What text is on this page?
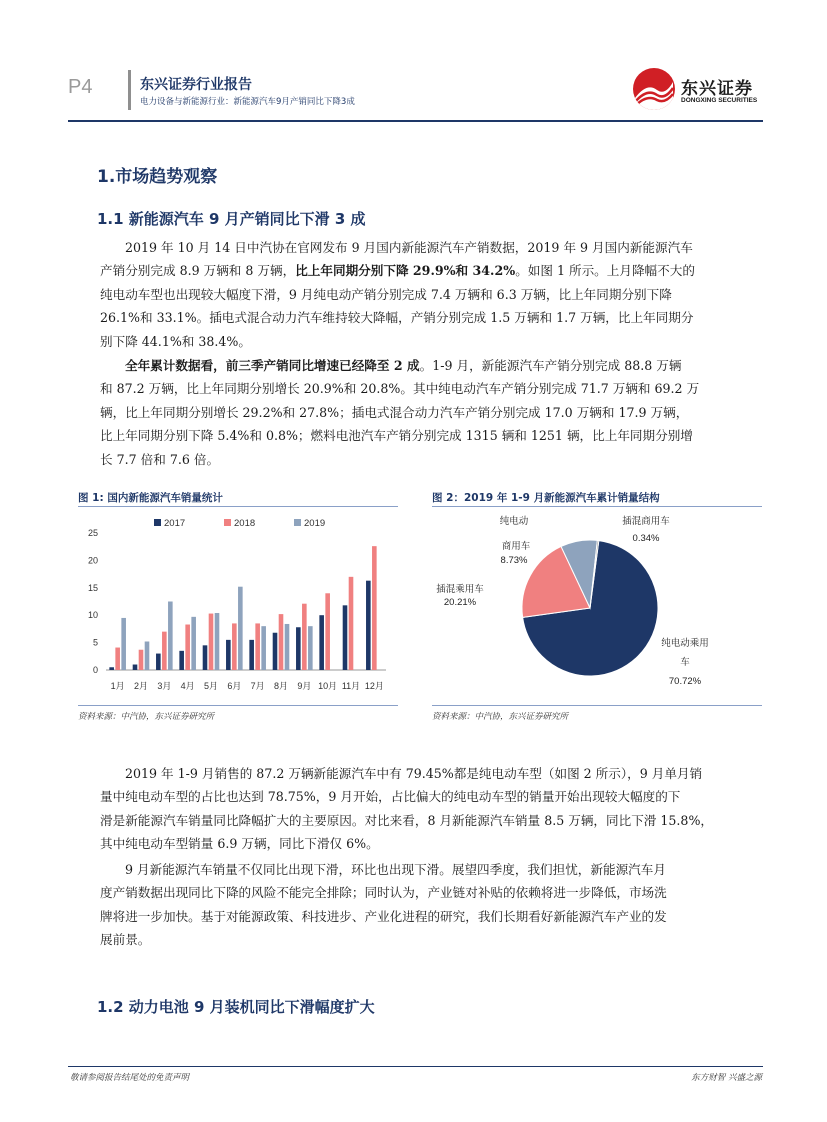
P4	东兴证券行业报告
电力设备与新能源行业：新能源汽车9月产销同比下降3成
东兴证券
DONGXING SECURITIES
1.市场趋势观察
1.1 新能源汽车 9 月产销同比下滑 3 成
2019 年 10 月 14 日中汽协在官网发布 9 月国内新能源汽车产销数据，2019 年 9 月国内新能源汽车
产销分别完成 8.9 万辆和 8 万辆，比上年同期分别下降 29.9%和 34.2%。如图 1 所示。上月降幅不大的
纯电动车型也出现较大幅度下滑，9 月纯电动产销分别完成 7.4 万辆和 6.3 万辆，比上年同期分别下降
26.1%和 33.1%。插电式混合动力汽车维持较大降幅，产销分别完成 1.5 万辆和 1.7 万辆，比上年同期分
别下降 44.1%和 38.4%。
全年累计数据看，前三季产销同比增速已经降至 2 成。1-9 月，新能源汽车产销分别完成 88.8 万辆
和 87.2 万辆，比上年同期分别增长 20.9%和 20.8%。其中纯电动汽车产销分别完成 71.7 万辆和 69.2 万
辆，比上年同期分别增长 29.2%和 27.8%；插电式混合动力汽车产销分别完成 17.0 万辆和 17.9 万辆，
比上年同期分别下降 5.4%和 0.8%；燃料电池汽车产销分别完成 1315 辆和 1251 辆，比上年同期分别增
长 7.7 倍和 7.6 倍。
图 1: 国内新能源汽车销量统计
0
5
10
15
20
25
1月 2月 3月 4月 5月 6月 7月 8月 9月 10月 11月 12月
2017	2018	2019
资料来源：中汽协，东兴证券研究所
图 2：2019 年 1-9 月新能源汽车累计销量结构
纯电动乘用
车
70.72%
插混乘用车
20.21%
纯电动
商用车
8.73%
插混商用车
0.34%
资料来源：中汽协，东兴证券研究所
2019 年 1-9 月销售的 87.2 万辆新能源汽车中有 79.45%都是纯电动车型（如图 2 所示），9 月单月销
量中纯电动车型的占比也达到 78.75%，9 月开始，占比偏大的纯电动车型的销量开始出现较大幅度的下
滑是新能源汽车销量同比降幅扩大的主要原因。对比来看，8 月新能源汽车销量 8.5 万辆，同比下滑 15.8%，
其中纯电动车型销量 6.9 万辆，同比下滑仅 6%。
9 月新能源汽车销量不仅同比出现下滑，环比也出现下滑。展望四季度，我们担忧，新能源汽车月
度产销数据出现同比下降的风险不能完全排除；同时认为，产业链对补贴的依赖将进一步降低，市场洗
牌将进一步加快。基于对能源政策、科技进步、产业化进程的研究，我们长期看好新能源汽车产业的发
展前景。
1.2 动力电池 9 月装机同比下滑幅度扩大
敬请参阅报告结尾处的免责声明	东方财智 兴盛之源
